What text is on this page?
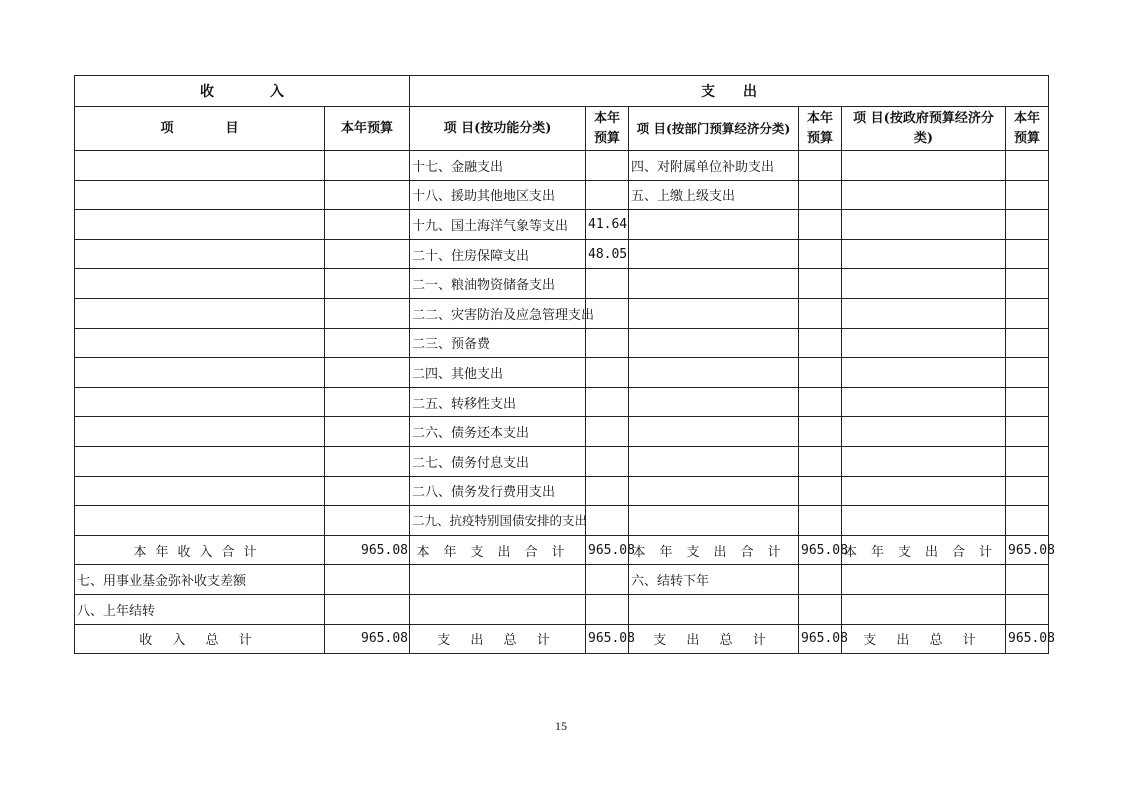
收　　　　入		支　　出					
项　　　　目	本年预算	项 目(按功能分类)	本年预算	项 目(按部门预算经济分类)	本年预算	项 目(按政府预算经济分类)	本年预算
		十七、金融支出		四、对附属单位补助支出			
		十八、援助其他地区支出		五、上缴上级支出			
		十九、国土海洋气象等支出	41.64				
		二十、住房保障支出	48.05				
		二一、粮油物资储备支出					
		二二、灾害防治及应急管理支出					
		二三、预备费					
		二四、其他支出					
		二五、转移性支出					
		二六、债务还本支出					
		二七、债务付息支出					
		二八、债务发行费用支出					
		二九、抗疫特别国债安排的支出					
本年收入合计	965.08	本年支出合计	965.08	本年支出合计	965.08	本年支出合计	965.08
七、用事业基金弥补收支差额				六、结转下年			
八、上年结转							
收 入 总 计	965.08	支 出 总 计	965.08	支 出 总 计	965.08	支 出 总 计	965.08
15
